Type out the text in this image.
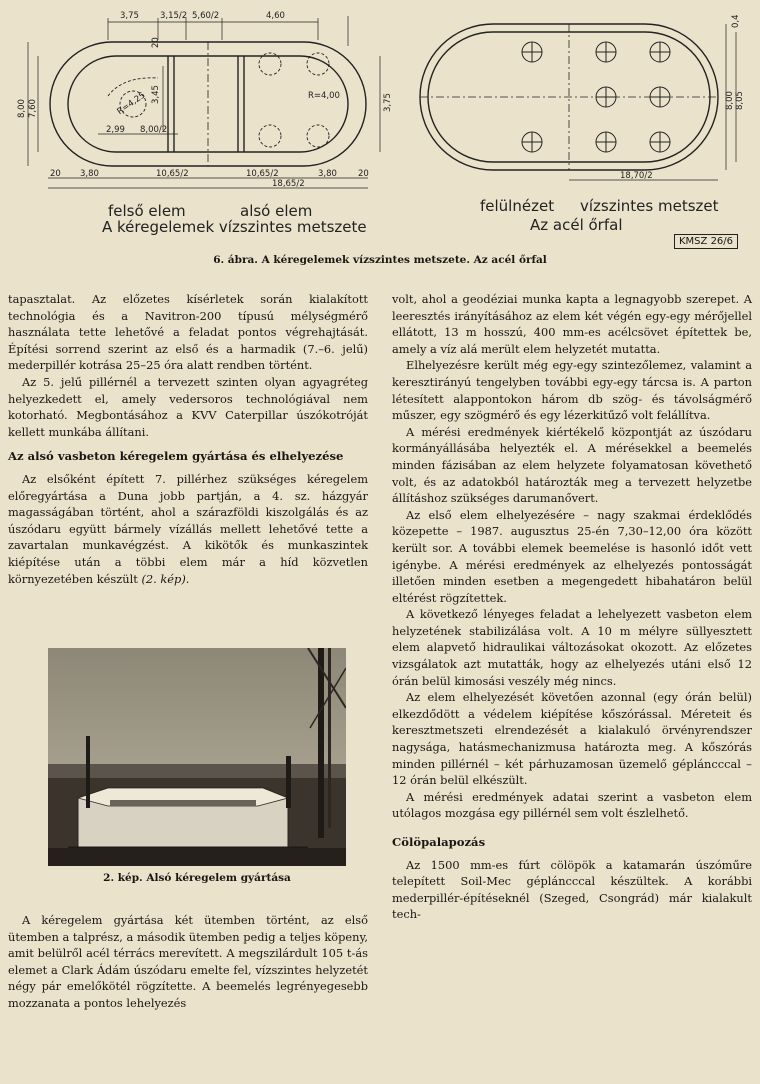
3,75 3,15/2 5,60/2	4,60
20 3,80	10,65/2	10,65/2	3,80 20
18,65/2
R=4,25	R=4,00
3,45
2,99 8,00/2
8,00 7,60	3,75
20
18,70/2
8,00 8,05
0,4
felső elem	alsó elem	felülnézet vízszintes metszet
A kéregelemek vízszintes metszete	Az acél őrfal
KMSZ 26/6
6. ábra. A kéregelemek vízszintes metszete. Az acél őrfal

tapasztalat. Az előzetes kísérletek során kialakított technológia és a Navitron-200 típusú mélységmérő használata tette lehetővé a feladat pontos végrehajtását. Építési sorrend szerint az első és a harmadik (7.–6. jelű) mederpillér kotrása 25–25 óra alatt rendben történt.

Az 5. jelű pillérnél a tervezett szinten olyan agyagréteg helyezkedett el, amely vedersoros technológiával nem kotorható. Megbontásához a KVV Caterpillar úszókotróját kellett munkába állítani.

Az alsó vasbeton kéregelem gyártása és elhelyezése

Az elsőként épített 7. pillérhez szükséges kéregelem előregyártása a Duna jobb partján, a 4. sz. házgyár magasságában történt, ahol a szárazföldi kiszolgálás és az úszódaru együtt bármely vízállás mellett lehetővé tette a zavartalan munkavégzést. A kikötők és munkaszintek kiépítése után a többi elem már a híd közvetlen környezetében készült (2. kép).

2. kép. Alsó kéregelem gyártása

A kéregelem gyártása két ütemben történt, az első ütemben a talprész, a második ütemben pedig a teljes köpeny, amit belülről acél térrács merevített. A megszilárdult 105 t-ás elemet a Clark Ádám úszódaru emelte fel, vízszintes helyzetét négy pár emelőkötél rögzítette. A beemelés legrényegesebb mozzanata a pontos lehelyezés

volt, ahol a geodéziai munka kapta a legnagyobb szerepet. A leeresztés irányításához az elem két végén egy-egy mérőjellel ellátott, 13 m hosszú, 400 mm-es acélcsövet építettek be, amely a víz alá merült elem helyzetét mutatta.

Elhelyezésre került még egy-egy szintezőlemez, valamint a keresztirányú tengelyben további egy-egy tárcsa is. A parton létesített alappontokon három db szög- és távolságmérő műszer, egy szögmérő és egy lézerkitűző volt felállítva.

A mérési eredmények kiértékelő központját az úszódaru kormányállásába helyezték el. A mérésekkel a beemelés minden fázisában az elem helyzete folyamatosan követhető volt, és az adatokból határozták meg a tervezett helyzetbe állításhoz szükséges darumanővert.

Az első elem elhelyezésére – nagy szakmai érdeklődés közepette – 1987. augusztus 25-én 7,30–12,00 óra között került sor. A további elemek beemelése is hasonló időt vett igénybe. A mérési eredmények az elhelyezés pontosságát illetően minden esetben a megengedett hibahatáron belül eltérést rögzítettek.

A következő lényeges feladat a lehelyezett vasbeton elem helyzetének stabilizálása volt. A 10 m mélyre süllyesztett elem alapvető hidraulikai változásokat okozott. Az előzetes vizsgálatok azt mutatták, hogy az elhelyezés utáni első 12 órán belül kimosási veszély még nincs.

Az elem elhelyezését követően azonnal (egy órán belül) elkezdődött a védelem kiépítése kőszórással. Méreteit és keresztmetszeti elrendezését a kialakuló örvényrendszer nagysága, hatásmechanizmusa határozta meg. A kőszórás minden pillérnél – két párhuzamosan üzemelő gépláncccal – 12 órán belül elkészült.

A mérési eredmények adatai szerint a vasbeton elem utólagos mozgása egy pillérnél sem volt észlelhető.

Cölöpalapozás

Az 1500 mm-es fúrt cölöpök a katamarán úszóműre telepített Soil-Mec gépláncccal készültek. A korábbi mederpillér-építéseknél (Szeged, Csongrád) már kialakult tech-
